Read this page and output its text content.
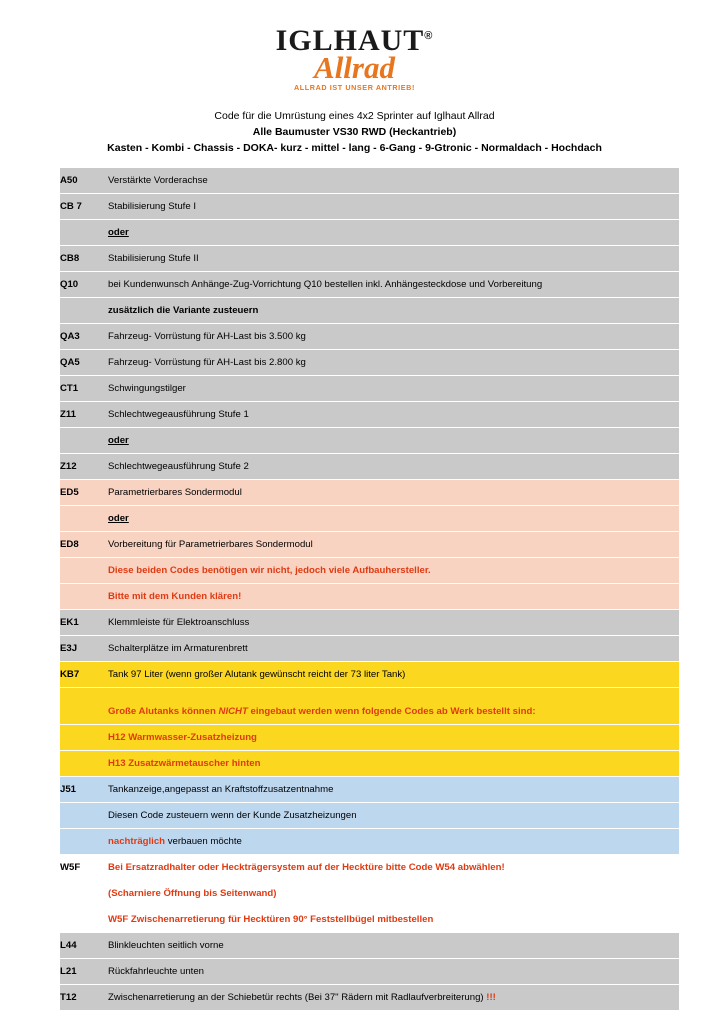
IGLHAUT®
Allrad
ALLRAD IST UNSER ANTRIEB!
Code für die Umrüstung eines 4x2 Sprinter auf Iglhaut Allrad
Alle Baumuster VS30 RWD (Heckantrieb)
Kasten - Kombi - Chassis - DOKA- kurz - mittel - lang - 6-Gang - 9-Gtronic - Normaldach - Hochdach
A50	Verstärkte Vorderachse
CB 7	Stabilisierung Stufe I
oder
CB8	Stabilisierung Stufe II
Q10	bei Kundenwunsch Anhänge-Zug-Vorrichtung Q10 bestellen inkl. Anhängesteckdose und Vorbereitung
zusätzlich die Variante zusteuern
QA3	Fahrzeug- Vorrüstung für AH-Last bis 3.500 kg
QA5	Fahrzeug- Vorrüstung für AH-Last bis 2.800 kg
CT1	Schwingungstilger
Z11	Schlechtwegeausführung Stufe 1
oder
Z12	Schlechtwegeausführung Stufe 2
ED5	Parametrierbares Sondermodul
oder
ED8	Vorbereitung für Parametrierbares Sondermodul
Diese beiden Codes benötigen wir nicht, jedoch viele Aufbauhersteller.
Bitte mit dem Kunden klären!
EK1	Klemmleiste für Elektroanschluss
E3J	Schalterplätze im Armaturenbrett
KB7	Tank 97 Liter (wenn großer Alutank gewünscht reicht der 73 liter Tank)
Große Alutanks können NICHT eingebaut werden wenn folgende Codes ab Werk bestellt sind:
H12 Warmwasser-Zusatzheizung
H13 Zusatzwärmetauscher hinten
J51	Tankanzeige,angepasst an Kraftstoffzusatzentnahme
Diesen Code zusteuern wenn der Kunde Zusatzheizungen
nachträglich verbauen möchte
W5F	Bei Ersatzradhalter oder Heckträgersystem auf der Hecktüre bitte Code W54 abwählen!
(Scharniere Öffnung bis Seitenwand)
W5F Zwischenarretierung für Hecktüren 90° Feststellbügel mitbestellen
L44	Blinkleuchten seitlich vorne
L21	Rückfahrleuchte unten
T12	Zwischenarretierung an der Schiebetür rechts (Bei 37" Rädern mit Radlaufverbreiterung) !!!
